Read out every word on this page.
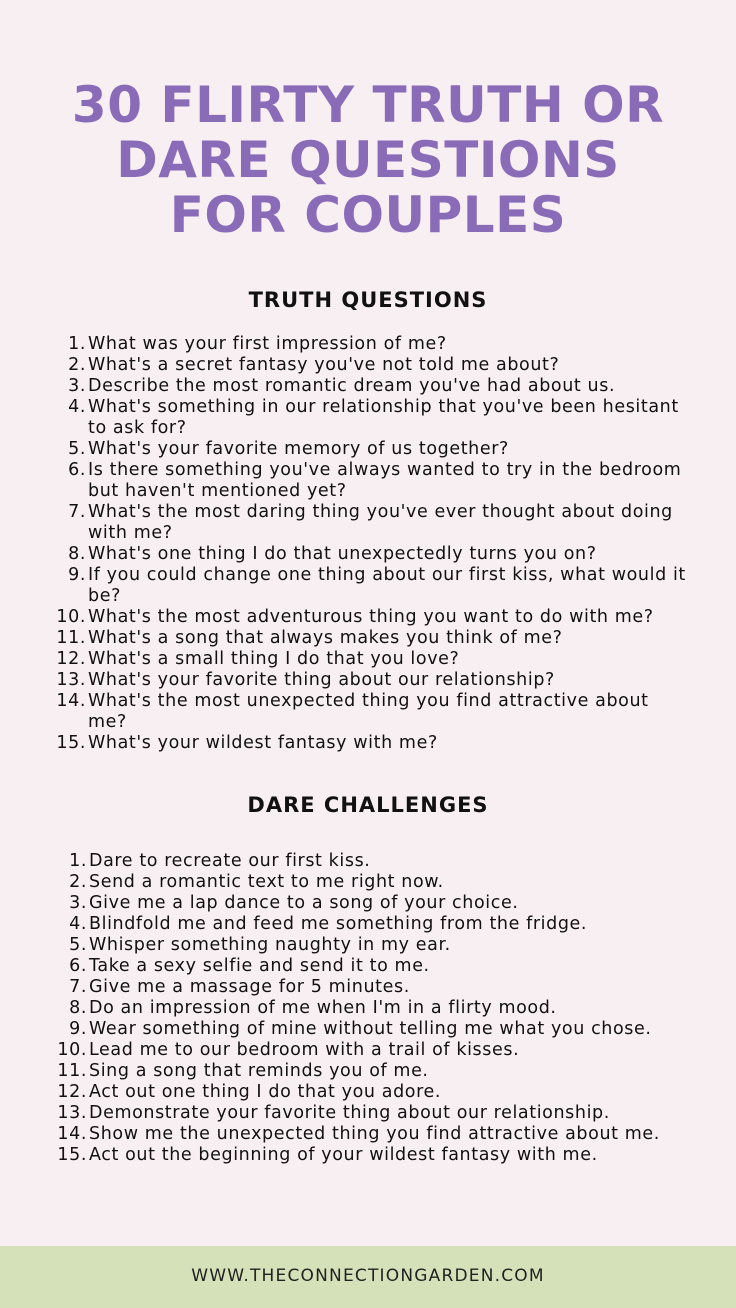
30 FLIRTY TRUTH OR
DARE QUESTIONS
FOR COUPLES
TRUTH QUESTIONS
1. What was your first impression of me?
2. What's a secret fantasy you've not told me about?
3. Describe the most romantic dream you've had about us.
4. What's something in our relationship that you've been hesitant to ask for?
5. What's your favorite memory of us together?
6. Is there something you've always wanted to try in the bedroom but haven't mentioned yet?
7. What's the most daring thing you've ever thought about doing with me?
8. What's one thing I do that unexpectedly turns you on?
9. If you could change one thing about our first kiss, what would it be?
10. What's the most adventurous thing you want to do with me?
11. What's a song that always makes you think of me?
12. What's a small thing I do that you love?
13. What's your favorite thing about our relationship?
14. What's the most unexpected thing you find attractive about me?
15. What's your wildest fantasy with me?
DARE CHALLENGES
1. Dare to recreate our first kiss.
2. Send a romantic text to me right now.
3. Give me a lap dance to a song of your choice.
4. Blindfold me and feed me something from the fridge.
5. Whisper something naughty in my ear.
6. Take a sexy selfie and send it to me.
7. Give me a massage for 5 minutes.
8. Do an impression of me when I'm in a flirty mood.
9. Wear something of mine without telling me what you chose.
10. Lead me to our bedroom with a trail of kisses.
11. Sing a song that reminds you of me.
12. Act out one thing I do that you adore.
13. Demonstrate your favorite thing about our relationship.
14. Show me the unexpected thing you find attractive about me.
15. Act out the beginning of your wildest fantasy with me.
WWW.THECONNECTIONGARDEN.COM
